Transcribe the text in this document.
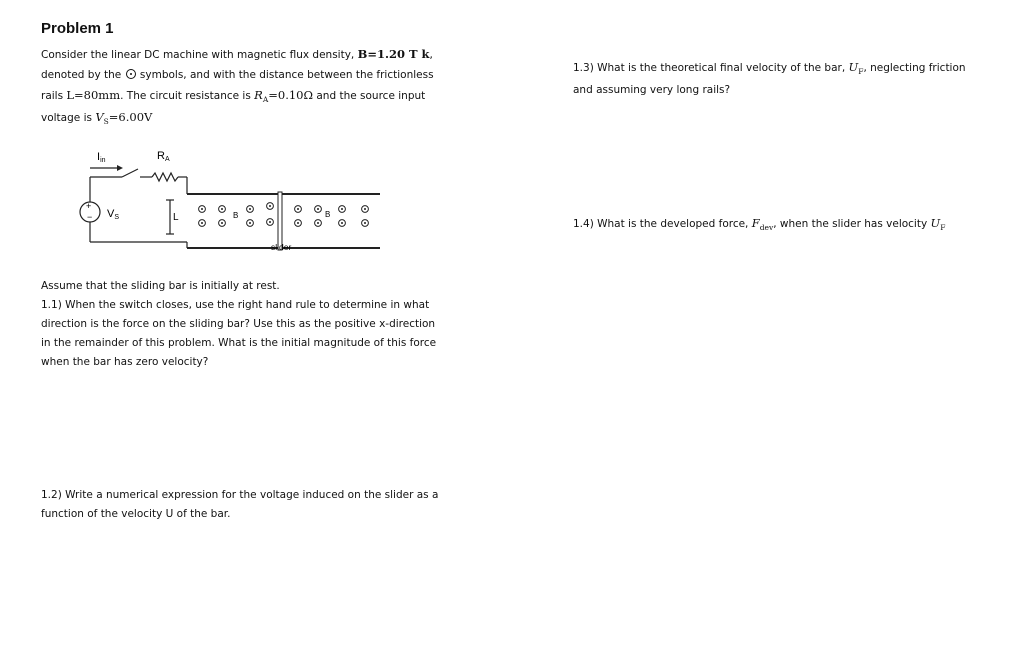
Problem 1
Consider the linear DC machine with magnetic flux density, B=1.20 T k,
denoted by the symbols, and with the distance between the frictionless
rails L=80mm. The circuit resistance is $R_A=0.10\Omega$ and the source input
voltage is $V_S=6.00V$
Iin	RA
+
− VS	L	B	B
slider
Assume that the sliding bar is initially at rest.
1.1) When the switch closes, use the right hand rule to determine in what
direction is the force on the sliding bar? Use this as the positive x-direction
in the remainder of this problem. What is the initial magnitude of this force
when the bar has zero velocity?
1.2) Write a numerical expression for the voltage induced on the slider as a
function of the velocity U of the bar.
1.3) What is the theoretical final velocity of the bar, $U_F$, neglecting friction
and assuming very long rails?
1.4) What is the developed force, $F_{dev}$, when the slider has velocity $U_F$
